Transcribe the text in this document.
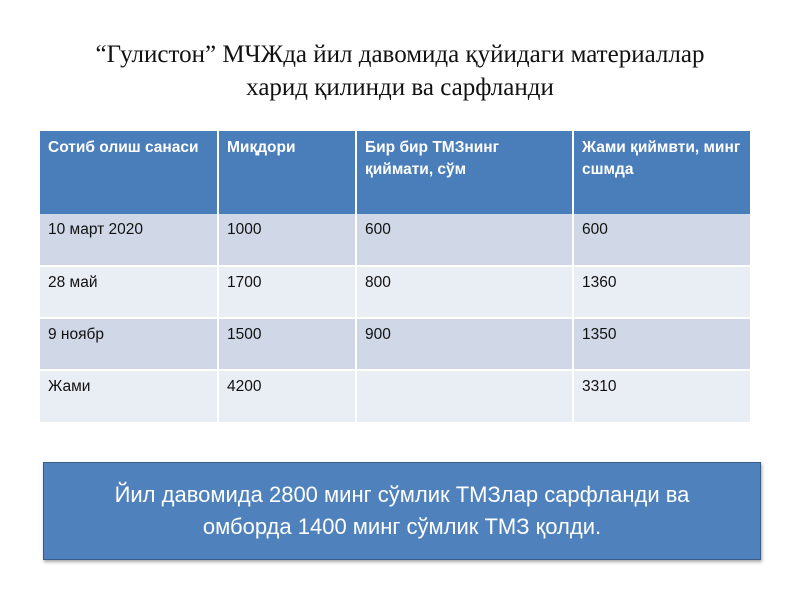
“Гулистон” МЧЖда йил давомида қуйидаги материаллар
харид қилинди ва сарфланди
Сотиб олиш санаси	Миқдори	Бир бир ТМЗнинг қиймати, сўм	Жами қиймвти, минг сшмда
10 март 2020	1000	600	600
28 май	1700	800	1360
9 ноябр	1500	900	1350
Жами	4200		3310
Йил давомида 2800 минг сўмлик ТМЗлар сарфланди ва
омборда 1400 минг сўмлик ТМЗ қолди.
